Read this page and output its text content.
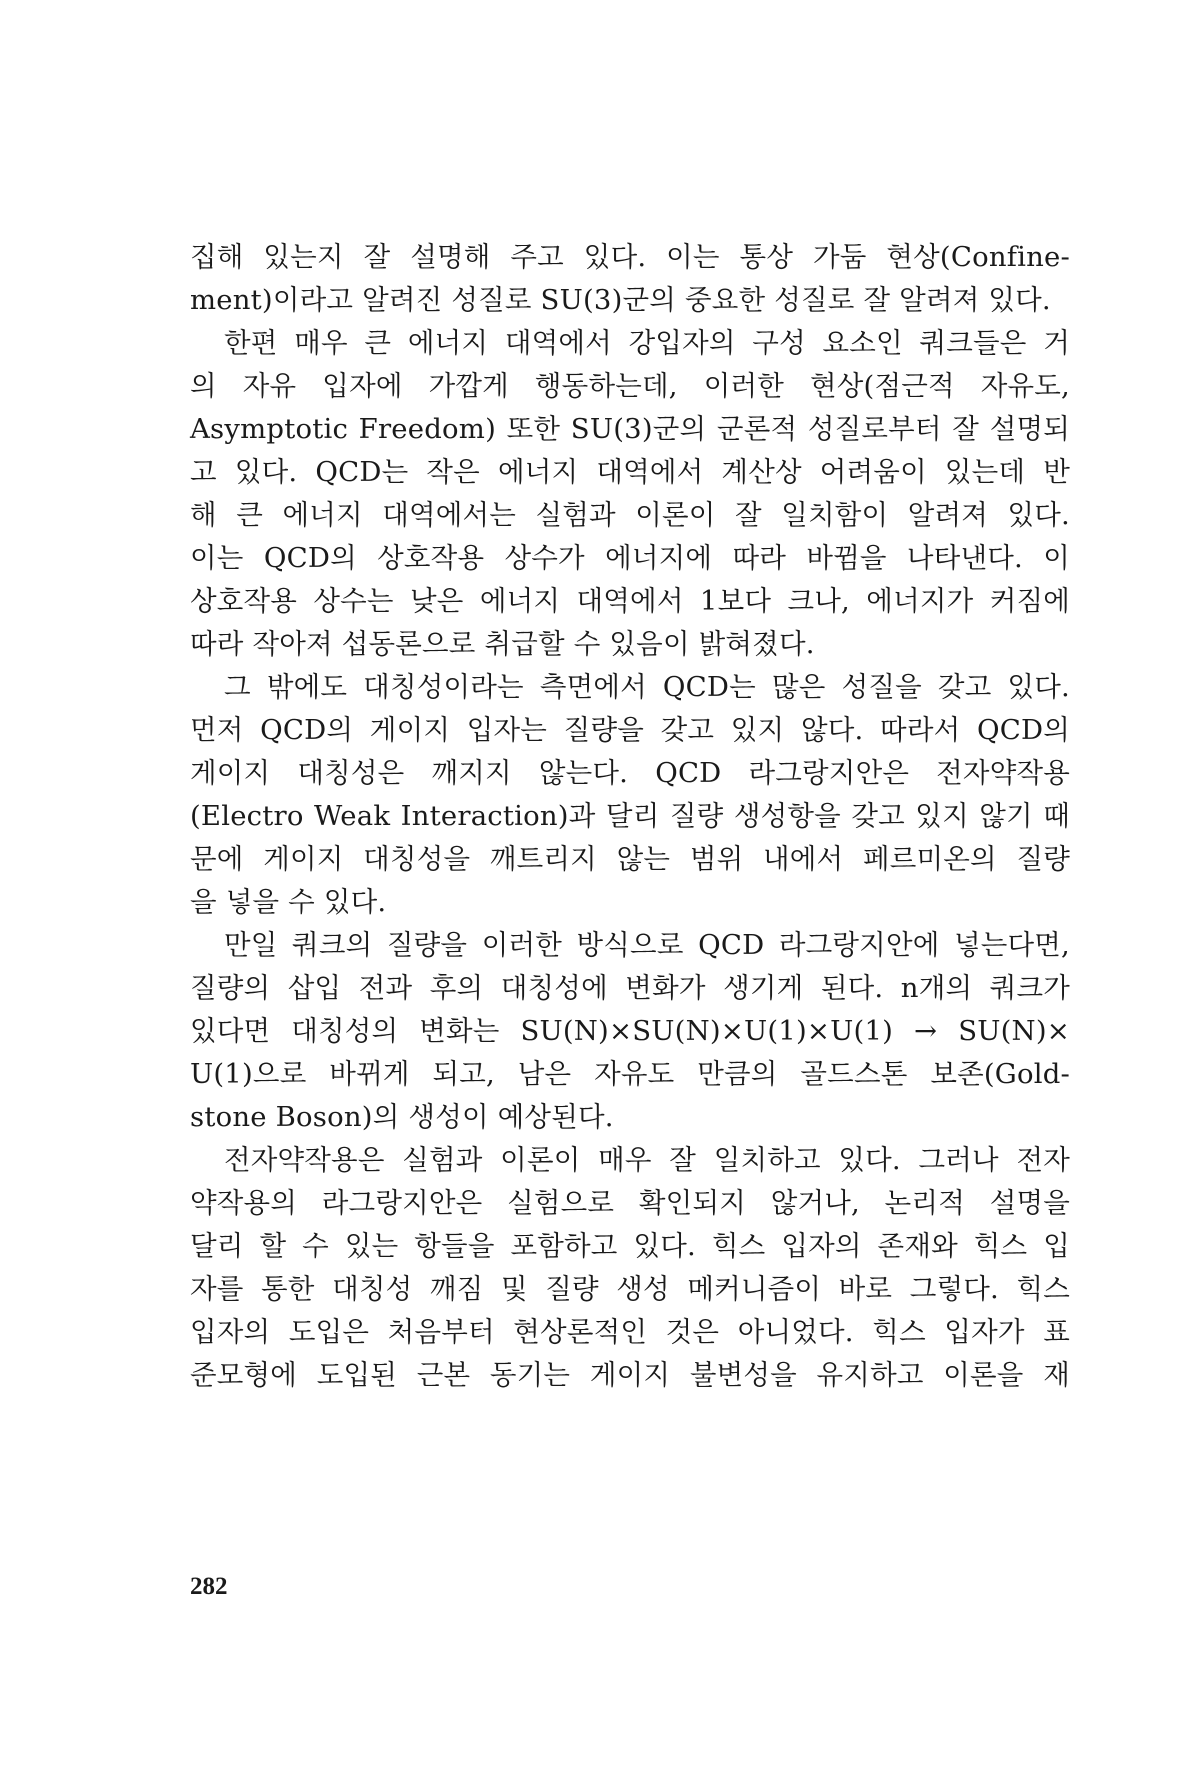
집해 있는지 잘 설명해 주고 있다. 이는 통상 가둠 현상(Confine-
ment)이라고 알려진 성질로 SU(3)군의 중요한 성질로 잘 알려져 있다.
한편 매우 큰 에너지 대역에서 강입자의 구성 요소인 쿼크들은 거
의 자유 입자에 가깝게 행동하는데, 이러한 현상(점근적 자유도,
Asymptotic Freedom) 또한 SU(3)군의 군론적 성질로부터 잘 설명되
고 있다. QCD는 작은 에너지 대역에서 계산상 어려움이 있는데 반
해 큰 에너지 대역에서는 실험과 이론이 잘 일치함이 알려져 있다.
이는 QCD의 상호작용 상수가 에너지에 따라 바뀜을 나타낸다. 이
상호작용 상수는 낮은 에너지 대역에서 1보다 크나, 에너지가 커짐에
따라 작아져 섭동론으로 취급할 수 있음이 밝혀졌다.
그 밖에도 대칭성이라는 측면에서 QCD는 많은 성질을 갖고 있다.
먼저 QCD의 게이지 입자는 질량을 갖고 있지 않다. 따라서 QCD의
게이지 대칭성은 깨지지 않는다. QCD 라그랑지안은 전자약작용
(Electro Weak Interaction)과 달리 질량 생성항을 갖고 있지 않기 때
문에 게이지 대칭성을 깨트리지 않는 범위 내에서 페르미온의 질량
을 넣을 수 있다.
만일 쿼크의 질량을 이러한 방식으로 QCD 라그랑지안에 넣는다면,
질량의 삽입 전과 후의 대칭성에 변화가 생기게 된다. n개의 쿼크가
있다면 대칭성의 변화는 SU(N)×SU(N)×U(1)×U(1) → SU(N)×
U(1)으로 바뀌게 되고, 남은 자유도 만큼의 골드스톤 보존(Gold-
stone Boson)의 생성이 예상된다.
전자약작용은 실험과 이론이 매우 잘 일치하고 있다. 그러나 전자
약작용의 라그랑지안은 실험으로 확인되지 않거나, 논리적 설명을
달리 할 수 있는 항들을 포함하고 있다. 힉스 입자의 존재와 힉스 입
자를 통한 대칭성 깨짐 및 질량 생성 메커니즘이 바로 그렇다. 힉스
입자의 도입은 처음부터 현상론적인 것은 아니었다. 힉스 입자가 표
준모형에 도입된 근본 동기는 게이지 불변성을 유지하고 이론을 재
282
